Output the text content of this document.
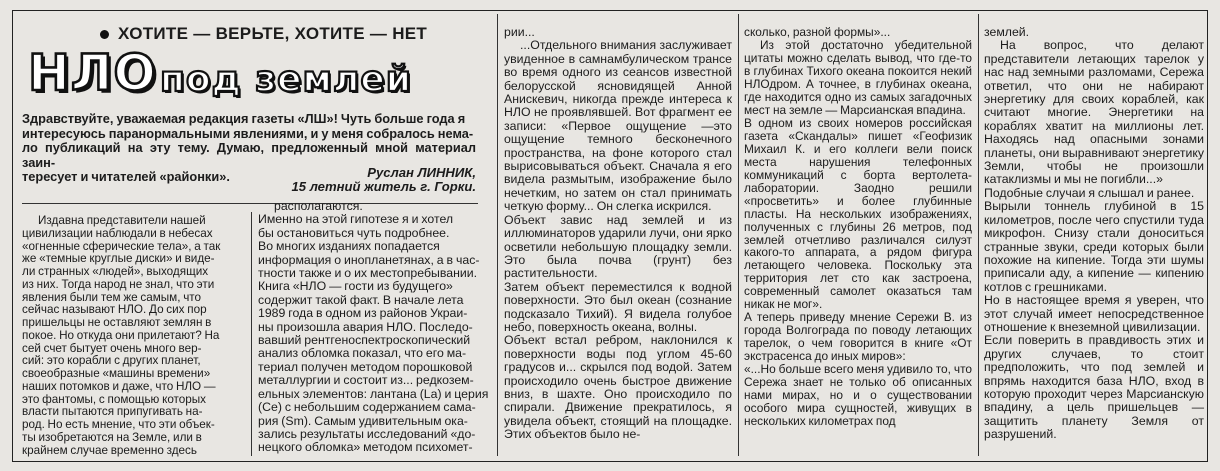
ХОТИТЕ — ВЕРЬТЕ, ХОТИТЕ — НЕТ
НЛО под землей
Здравствуйте, уважаемая редакция газеты «ЛШ»! Чуть больше года я
интересуюсь паранормальными явлениями, и у меня собралось нема-
ло публикаций на эту тему. Думаю, предложенный мной материал заин-
тересует и читателей «районки».	Руслан ЛИННИК,
15 летний житель г. Горки.

Издавна представители нашей
цивилизации наблюдали в небесах
«огненные сферические тела», а так
же «темные круглые диски» и виде-
ли странных «людей», выходящих
из них. Тогда народ не знал, что эти
явления были тем же самым, что
сейчас называют НЛО. До сих пор
пришельцы не оставляют землян в
покое. Но откуда они прилетают? На
сей счет бытует очень много вер-
сий: это корабли с других планет,
своеобразные «машины времени»
наших потомков и даже, что НЛО —
это фантомы, с помощью которых
власти пытаются припугивать на-
род. Но есть мнение, что эти объек-
ты изобретаются на Земле, или в
крайнем случае временно здесь

располагаются.
Именно на этой гипотезе я и хотел
бы остановиться чуть подробнее.
Во многих изданиях попадается
информация о инопланетянах, а в час-
тности также и о их местопребывании.
Книга «НЛО — гости из будущего»
содержит такой факт. В начале лета
1989 года в одном из районов Украи-
ны произошла авария НЛО. Последо-
вавший рентгеноспектроскопический
анализ обломка показал, что его ма-
териал получен методом порошковой
металлургии и состоит из... редкозем-
ельных элементов: лантана (La) и церия
(Ce) с небольшим содержанием сама-
рия (Sm). Самым удивительным ока-
зались результаты исследований «до-
нецкого обломка» методом психомет-

рии...

...Отдельного внимания заслуживает увиденное в самнамбулическом трансе во время одного из сеансов известной белорусской ясновидящей Анной Анискевич, никогда прежде интереса к НЛО не проявлявшей. Вот фрагмент ее записи: «Первое ощущение —это ощущение темного бесконечного пространства, на фоне которого стал вырисовываться объект. Сначала я его видела размытым, изображение было нечетким, но затем он стал принимать четкую форму... Он слегка искрился.
Объект завис над землей и из иллюминаторов ударили лучи, они ярко осветили небольшую площадку земли. Это была почва (грунт) без растительности.
Затем объект переместился к водной поверхности. Это был океан (сознание подсказало Тихий). Я видела голубое небо, поверхность океана, волны.
Объект встал ребром, наклонился к поверхности воды под углом 45-60 градусов и... скрылся под водой. Затем происходило очень быстрое движение вниз, в шахте. Оно происходило по спирали. Движение прекратилось, я увидела объект, стоящий на площадке. Этих объектов было не-

сколько, разной формы»...

Из этой достаточно убедительной цитаты можно сделать вывод, что где-то в глубинах Тихого океана покоится некий НЛОдром. А точнее, в глубинах океана, где находится одно из самых загадочных мест на земле — Марсианская впадина.
В одном из своих номеров российская газета «Скандалы» пишет «Геофизик Михаил К. и его коллеги вели поиск места нарушения телефонных коммуникаций с борта вертолета-лаборатории. Заодно решили «просветить» и более глубинные пласты. На нескольких изображениях, полученных с глубины 26 метров, под землей отчетливо различался силуэт какого-то аппарата, а рядом фигура летающего человека. Поскольку эта территория лет сто как застроена, современный самолет оказаться там никак не мог».
А теперь приведу мнение Сережи В. из города Волгограда по поводу летающих тарелок, о чем говорится в книге «От экстрасенса до иных миров»:
«...Но больше всего меня удивило то, что Сережа знает не только об описанных нами мирах, но и о существовании особого мира сущностей, живущих в нескольких километрах под

землей.

На вопрос, что делают представители летающих тарелок у нас над земными разломами, Сережа ответил, что они не набирают энергетику для своих кораблей, как считают многие. Энергетики на кораблях хватит на миллионы лет. Находясь над опасными зонами планеты, они выравнивают энергетику Земли, чтобы не произошли катаклизмы и мы не погибли...»
Подобные случаи я слышал и ранее.
Вырыли тоннель глубиной в 15 километров, после чего спустили туда микрофон. Снизу стали доноситься странные звуки, среди которых были похожие на кипение. Тогда эти шумы приписали аду, а кипение — кипению котлов с грешниками.
Но в настоящее время я уверен, что этот случай имеет непосредственное отношение к внеземной цивилизации.
Если поверить в правдивость этих и других случаев, то стоит предположить, что под землей и впрямь находится база НЛО, вход в которую проходит через Марсианскую впадину, а цель пришельцев — защитить планету Земля от разрушений.
